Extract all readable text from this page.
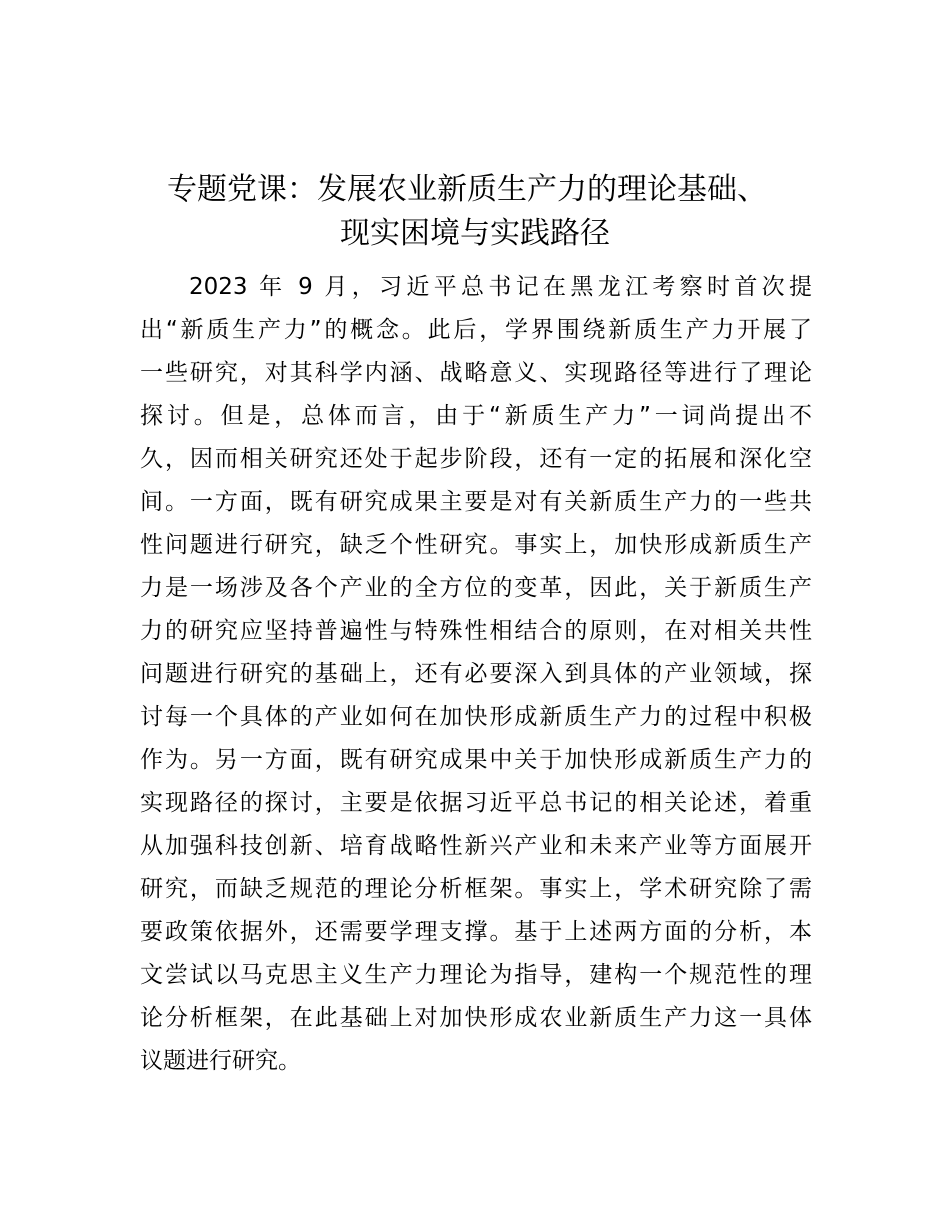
专题党课：发展农业新质生产力的理论基础、
现实困境与实践路径
2023 年 9 月，习近平总书记在黑龙江考察时首次提
出“新质生产力”的概念。此后，学界围绕新质生产力开展了
一些研究，对其科学内涵、战略意义、实现路径等进行了理论
探讨。但是，总体而言，由于“新质生产力”一词尚提出不
久，因而相关研究还处于起步阶段，还有一定的拓展和深化空
间。一方面，既有研究成果主要是对有关新质生产力的一些共
性问题进行研究，缺乏个性研究。事实上，加快形成新质生产
力是一场涉及各个产业的全方位的变革，因此，关于新质生产
力的研究应坚持普遍性与特殊性相结合的原则，在对相关共性
问题进行研究的基础上，还有必要深入到具体的产业领域，探
讨每一个具体的产业如何在加快形成新质生产力的过程中积极
作为。另一方面，既有研究成果中关于加快形成新质生产力的
实现路径的探讨，主要是依据习近平总书记的相关论述，着重
从加强科技创新、培育战略性新兴产业和未来产业等方面展开
研究，而缺乏规范的理论分析框架。事实上，学术研究除了需
要政策依据外，还需要学理支撑。基于上述两方面的分析，本
文尝试以马克思主义生产力理论为指导，建构一个规范性的理
论分析框架，在此基础上对加快形成农业新质生产力这一具体
议题进行研究。
